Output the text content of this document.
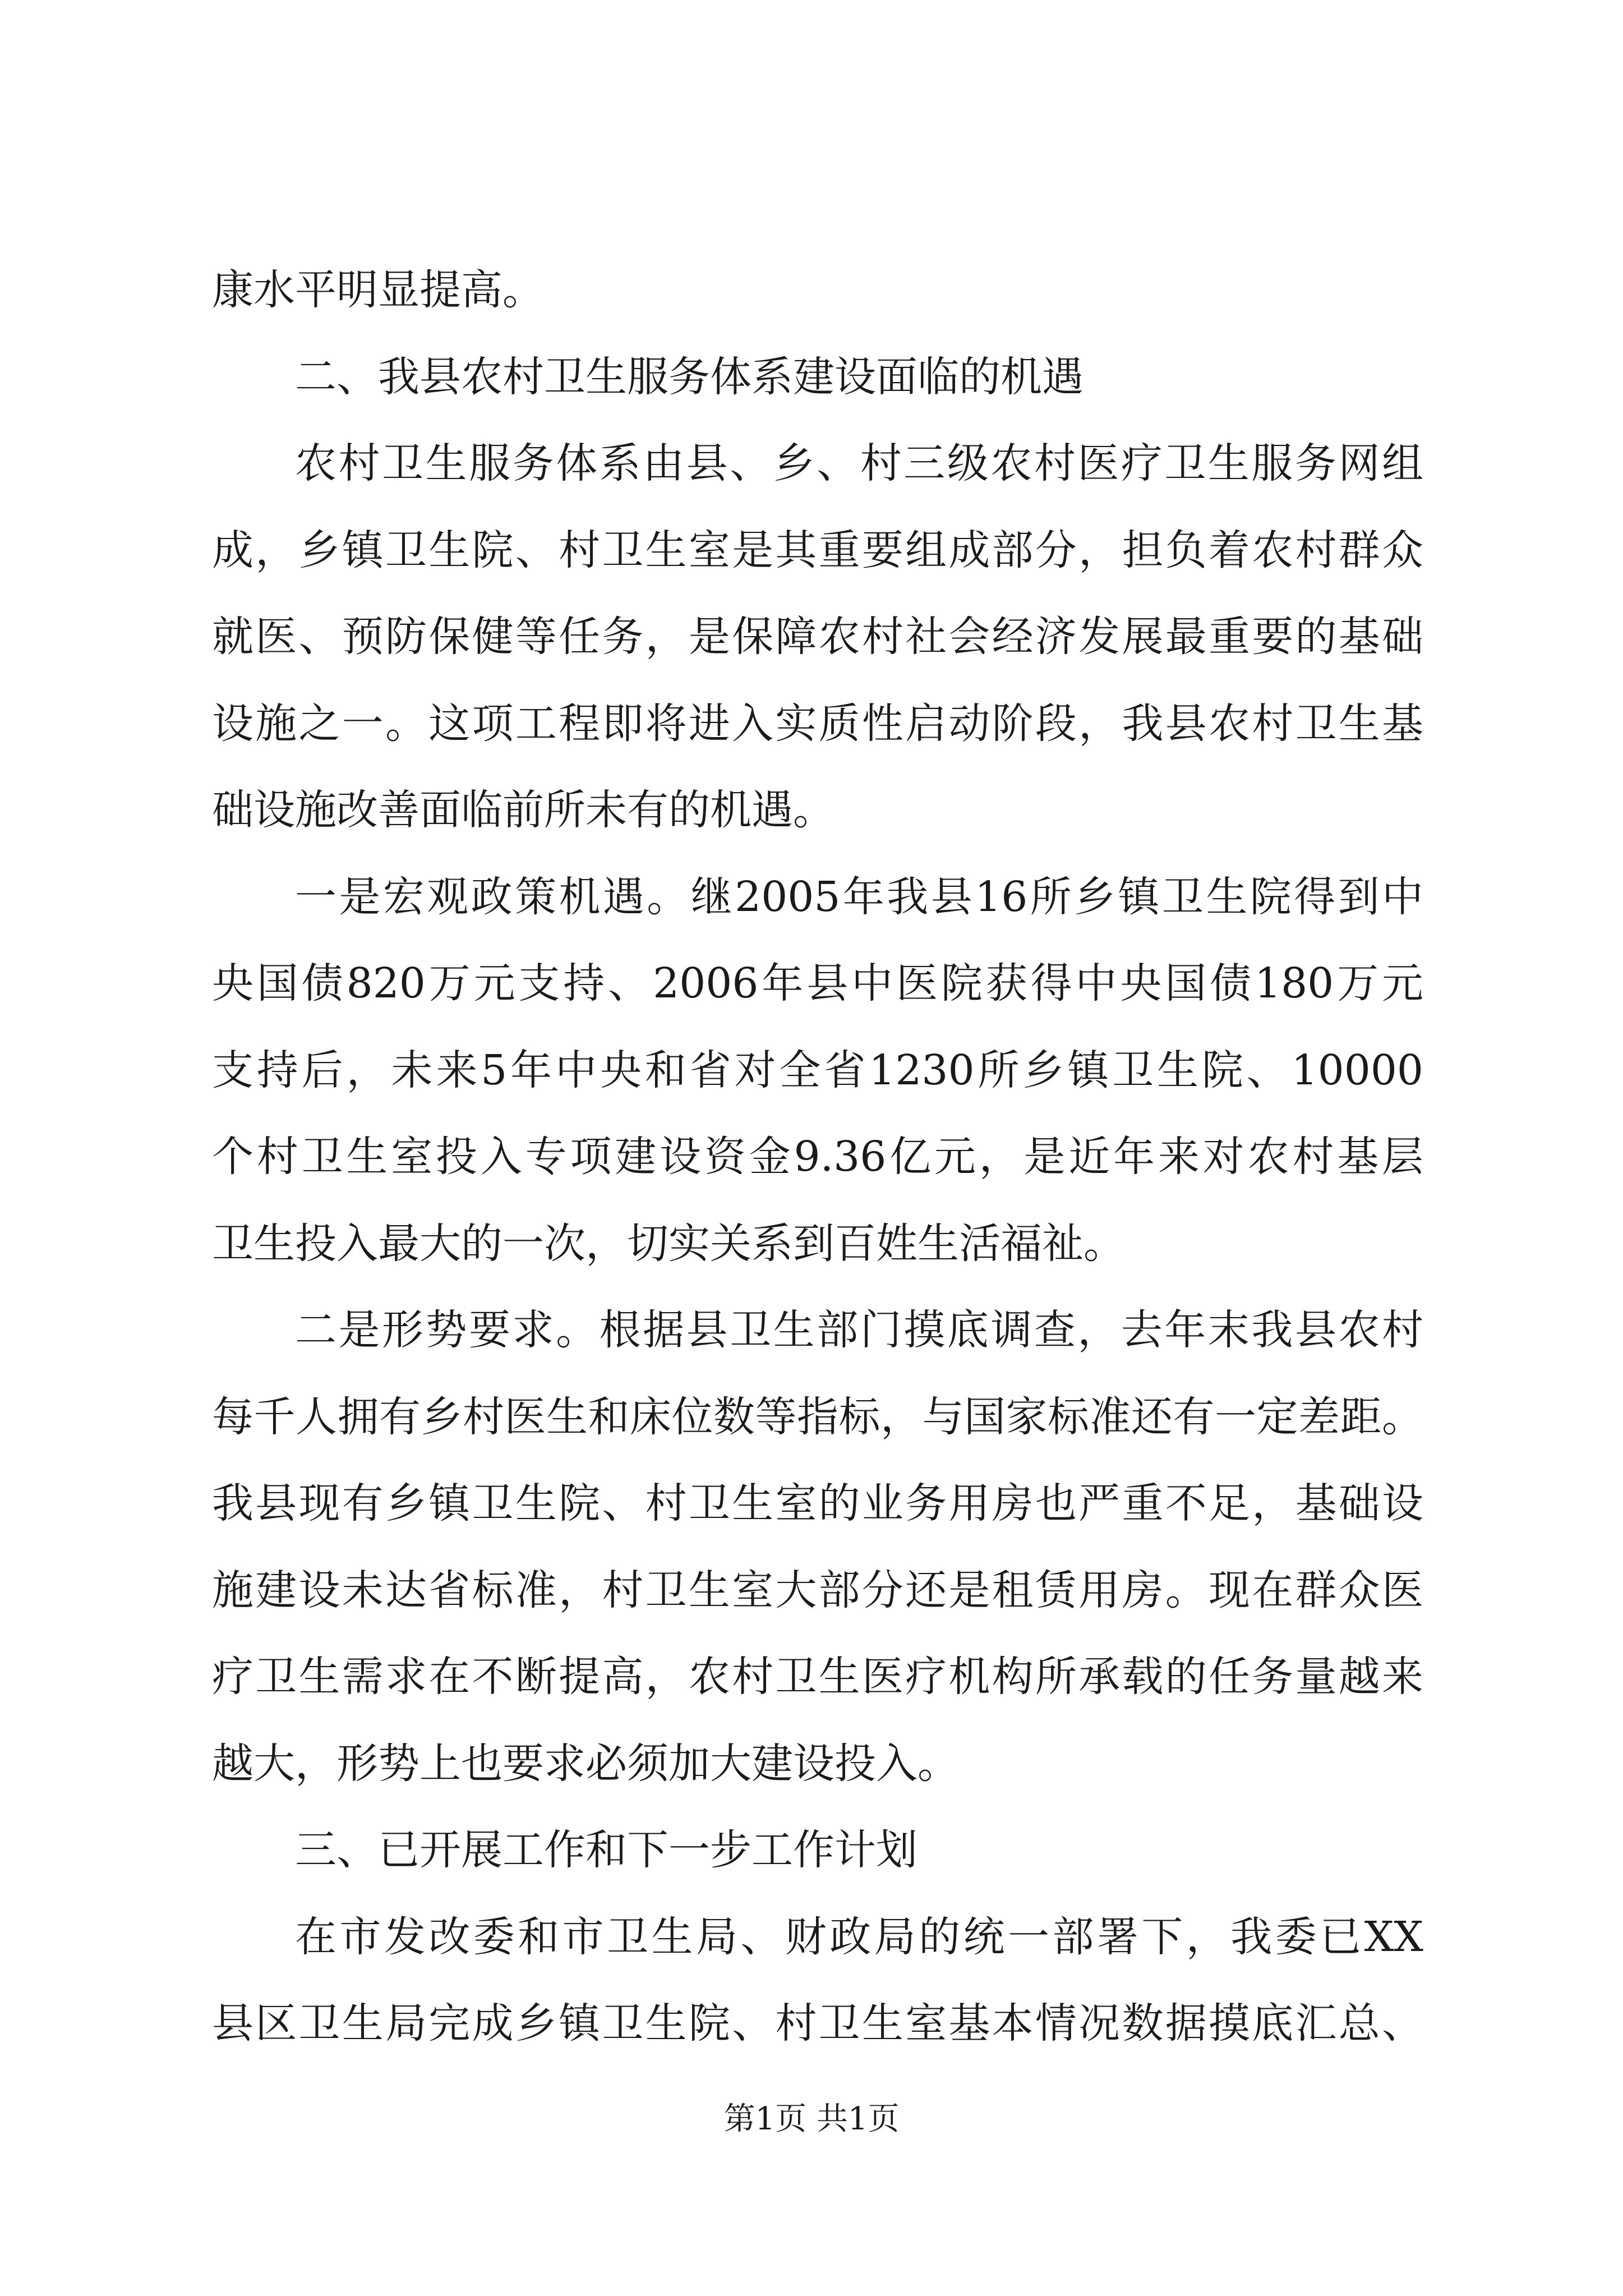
康水平明显提高。
二、我县农村卫生服务体系建设面临的机遇
农村卫生服务体系由县、乡、村三级农村医疗卫生服务网组
成，乡镇卫生院、村卫生室是其重要组成部分，担负着农村群众
就医、预防保健等任务，是保障农村社会经济发展最重要的基础
设施之一。这项工程即将进入实质性启动阶段，我县农村卫生基
础设施改善面临前所未有的机遇。
一是宏观政策机遇。继2005年我县16所乡镇卫生院得到中
央国债820万元支持、2006年县中医院获得中央国债180万元
支持后，未来5年中央和省对全省1230所乡镇卫生院、10000
个村卫生室投入专项建设资金9.36亿元，是近年来对农村基层
卫生投入最大的一次，切实关系到百姓生活福祉。
二是形势要求。根据县卫生部门摸底调查，去年末我县农村
每千人拥有乡村医生和床位数等指标，与国家标准还有一定差距。
我县现有乡镇卫生院、村卫生室的业务用房也严重不足，基础设
施建设未达省标准，村卫生室大部分还是租赁用房。现在群众医
疗卫生需求在不断提高，农村卫生医疗机构所承载的任务量越来
越大，形势上也要求必须加大建设投入。
三、已开展工作和下一步工作计划
在市发改委和市卫生局、财政局的统一部署下，我委已XX
县区卫生局完成乡镇卫生院、村卫生室基本情况数据摸底汇总、
第1页 共1页
